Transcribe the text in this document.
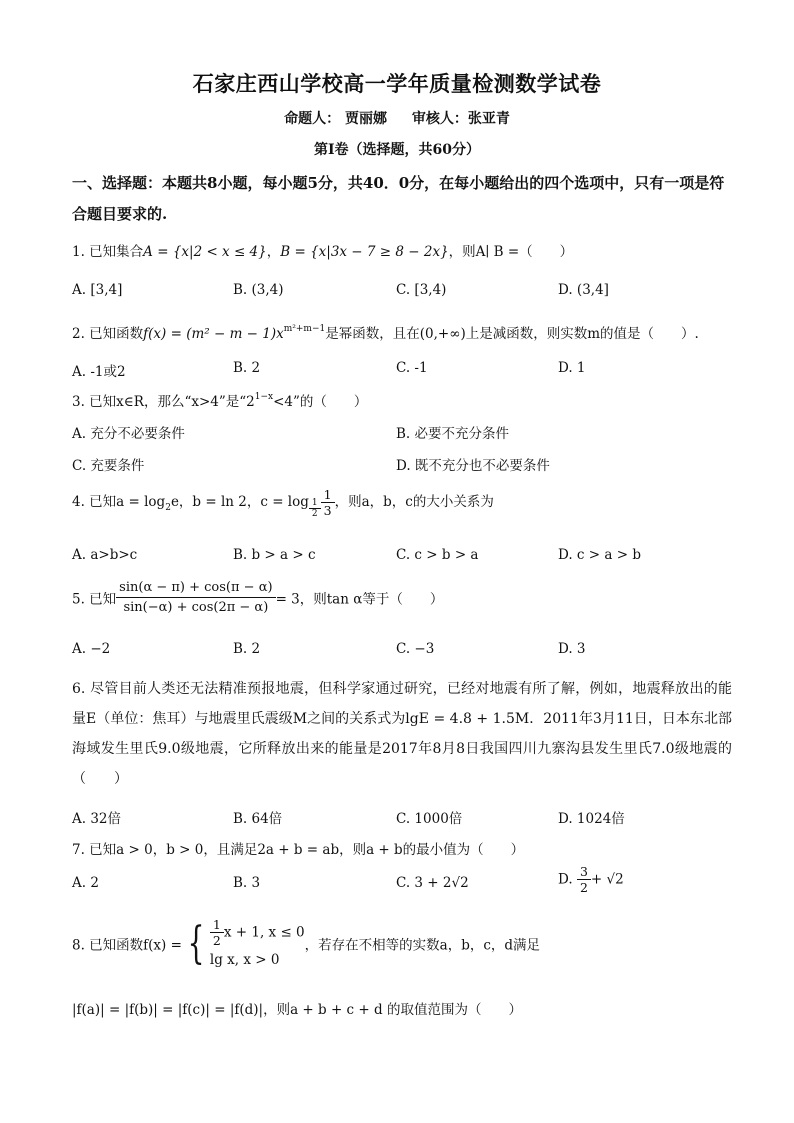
石家庄西山学校高一学年质量检测数学试卷
命题人： 贾丽娜 审核人：张亚青
第Ⅰ卷（选择题，共60分）
一、选择题：本题共8小题，每小题5分，共40．0分，在每小题给出的四个选项中，只有一项是符合题目要求的.
1. 已知集合A = {x|2 < x ≤ 4}，B = {x|3x − 7 ≥ 8 − 2x}，则A∣ B =（　　）
A. [3,4]	B. (3,4)	C. [3,4)	D. (3,4]
2. 已知函数$f(x) = (m^2 - m - 1)x^{m^2+m-1}$是幂函数，且在(0,+∞)上是减函数，则实数m的值是（　　）.
A. -1或2	B. 2	C. -1	D. 1
3. 已知x∈R，那么“x>4”是“$2^{1-x}<4$”的（　　）
A. 充分不必要条件	B. 必要不充分条件
C. 充要条件	D. 既不充分也不必要条件
4. 已知$a = \log_2e$，b = ln 2，$c = \log \frac{1}{2} \frac{1}{3}$ ，则a，b，c的大小关系为
A. a>b>c	B. b > a > c	C. c > b > a	D. c > a > b
5. 已知 $\frac{\sin(\alpha - \pi) + \cos(\pi - \alpha)}{\sin(-\alpha) + \cos(2\pi - \alpha)} = 3$，则tan α等于（　　）
A. −2	B. 2	C. −3	D. 3
6. 尽管目前人类还无法精准预报地震，但科学家通过研究，已经对地震有所了解，例如，地震释放出的能量E（单位：焦耳）与地震里氏震级M之间的关系式为lgE = 4.8 + 1.5M．2011年3月11日，日本东北部海域发生里氏9.0级地震，它所释放出来的能量是2017年8月8日我国四川九寨沟县发生里氏7.0级地震的（　　）
A. 32倍	B. 64倍	C. 1000倍	D. 1024倍
7. 已知a > 0，b > 0，且满足2a + b = ab，则a + b的最小值为（　　）
A. 2	B. 3	C. 3 + 2√2	D. $\frac{3}{2} + √2$
8. 已知函数f(x) = { $\frac{1}{2}$ x + 1, x ≤ 0
lg x, x > 0
，若存在不相等的实数a，b，c，d满足
|f(a)| = |f(b)| = |f(c)| = |f(d)|，则a + b + c + d 的取值范围为（　　）
